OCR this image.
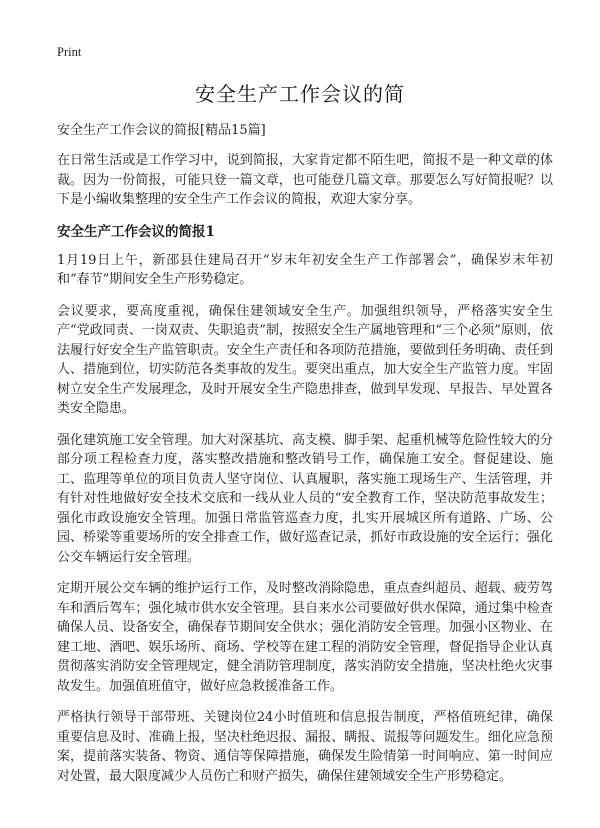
Print
安全生产工作会议的简

安全生产工作会议的简报[精品15篇]

在日常生活或是工作学习中，说到简报，大家肯定都不陌生吧，简报不是一种文章的体裁。因为一份简报，可能只登一篇文章，也可能登几篇文章。那要怎么写好简报呢？以下是小编收集整理的安全生产工作会议的简报，欢迎大家分享。

安全生产工作会议的简报1

1月19日上午，新邵县住建局召开“岁末年初安全生产工作部署会”，确保岁末年初和“春节”期间安全生产形势稳定。

会议要求，要高度重视，确保住建领域安全生产。加强组织领导，严格落实安全生产“党政同责、一岗双责、失职追责”制，按照安全生产属地管理和“三个必须”原则，依法履行好安全生产监管职责。安全生产责任和各项防范措施，要做到任务明确、责任到人、措施到位，切实防范各类事故的发生。要突出重点，加大安全生产监管力度。牢固树立安全生产发展理念，及时开展安全生产隐患排查，做到早发现、早报告、早处置各类安全隐患。

强化建筑施工安全管理。加大对深基坑、高支模、脚手架、起重机械等危险性较大的分部分项工程检查力度，落实整改措施和整改销号工作，确保施工安全。督促建设、施工、监理等单位的项目负责人坚守岗位、认真履职，落实施工现场生产、生活管理，并有针对性地做好安全技术交底和一线从业人员的“安全教育工作，坚决防范事故发生；强化市政设施安全管理。加强日常监管巡查力度，扎实开展城区所有道路、广场、公园、桥梁等重要场所的安全排查工作，做好巡查记录，抓好市政设施的安全运行；强化公交车辆运行安全管理。

定期开展公交车辆的维护运行工作，及时整改消除隐患，重点查纠超员、超载、疲劳驾车和酒后驾车；强化城市供水安全管理。县自来水公司要做好供水保障，通过集中检查确保人员、设备安全，确保春节期间安全供水；强化消防安全管理。加强小区物业、在建工地、酒吧、娱乐场所、商场、学校等在建工程的消防安全管理，督促指导企业认真贯彻落实消防安全管理规定，健全消防管理制度，落实消防安全措施，坚决杜绝火灾事故发生。加强值班值守，做好应急救援准备工作。

严格执行领导干部带班、关键岗位24小时值班和信息报告制度，严格值班纪律，确保重要信息及时、准确上报，坚决杜绝迟报、漏报、瞒报、谎报等问题发生。细化应急预案，提前落实装备、物资、通信等保障措施，确保发生险情第一时间响应、第一时间应对处置，最大限度减少人员伤亡和财产损失，确保住建领域安全生产形势稳定。
